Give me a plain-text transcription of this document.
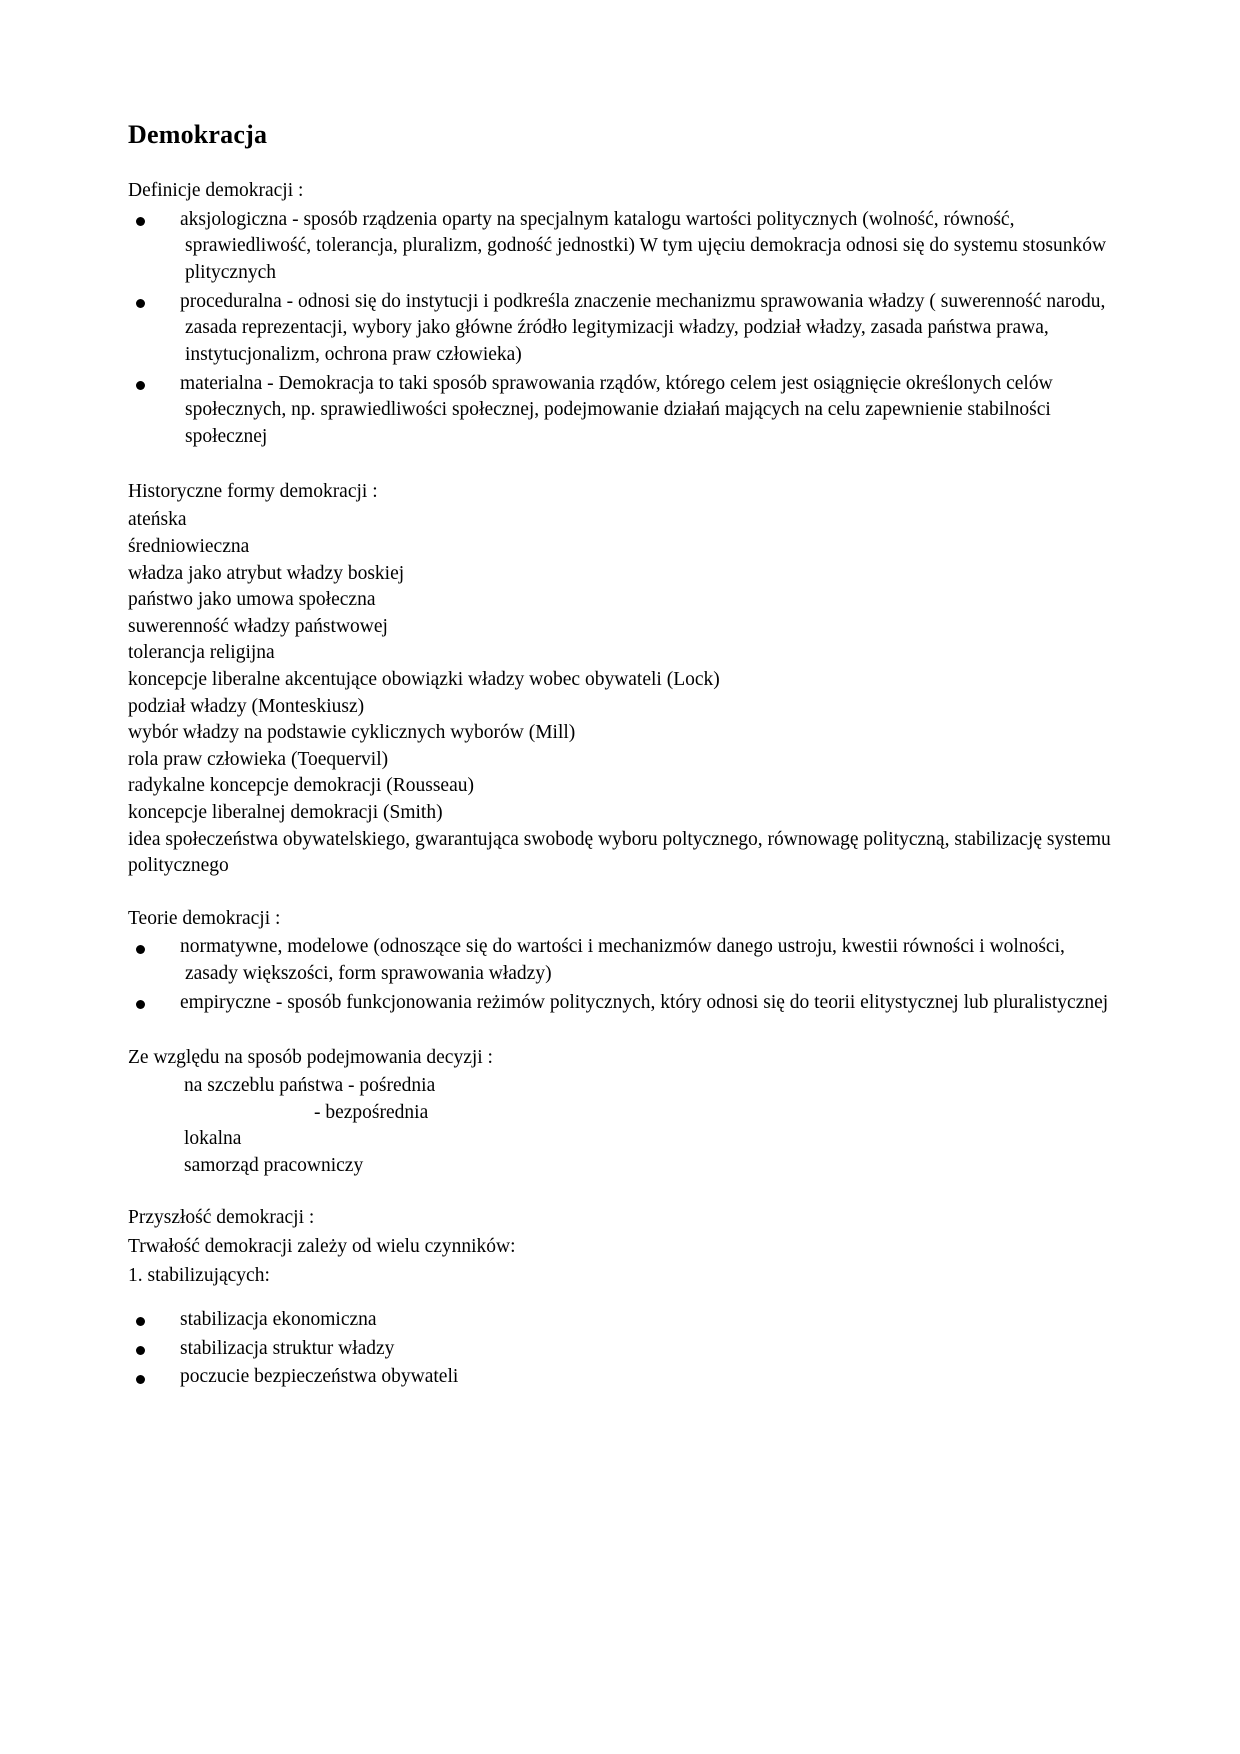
Demokracja

Definicje demokracji :

aksjologiczna - sposób rządzenia oparty na specjalnym katalogu wartości politycznych (wolność, równość, sprawiedliwość, tolerancja, pluralizm, godność jednostki) W tym ujęciu demokracja odnosi się do systemu stosunków plitycznych
proceduralna - odnosi się do instytucji i podkreśla znaczenie mechanizmu sprawowania władzy ( suwerenność narodu, zasada reprezentacji, wybory jako główne źródło legitymizacji władzy, podział władzy, zasada państwa prawa, instytucjonalizm, ochrona praw człowieka)
materialna - Demokracja to taki sposób sprawowania rządów, którego celem jest osiągnięcie określonych celów społecznych, np. sprawiedliwości społecznej, podejmowanie działań mających na celu zapewnienie stabilności społecznej

Historyczne formy demokracji :

ateńska
średniowieczna
władza jako atrybut władzy boskiej
państwo jako umowa społeczna
suwerenność władzy państwowej
tolerancja religijna
koncepcje liberalne akcentujące obowiązki władzy wobec obywateli (Lock)
podział władzy (Monteskiusz)
wybór władzy na podstawie cyklicznych wyborów (Mill)
rola praw człowieka (Toequervil)
radykalne koncepcje demokracji (Rousseau)
koncepcje liberalnej demokracji (Smith)
idea społeczeństwa obywatelskiego, gwarantująca swobodę wyboru poltycznego, równowagę polityczną, stabilizację systemu politycznego

Teorie demokracji :

normatywne, modelowe (odnoszące się do wartości i mechanizmów danego ustroju, kwestii równości i wolności, zasady większości, form sprawowania władzy)
empiryczne - sposób funkcjonowania reżimów politycznych, który odnosi się do teorii elitystycznej lub pluralistycznej

Ze względu na sposób podejmowania decyzji :

na szczeblu państwa - pośrednia
- bezpośrednia
lokalna
samorząd pracowniczy

Przyszłość demokracji :

Trwałość demokracji zależy od wielu czynników:

1. stabilizujących:

stabilizacja ekonomiczna
stabilizacja struktur władzy
poczucie bezpieczeństwa obywateli
